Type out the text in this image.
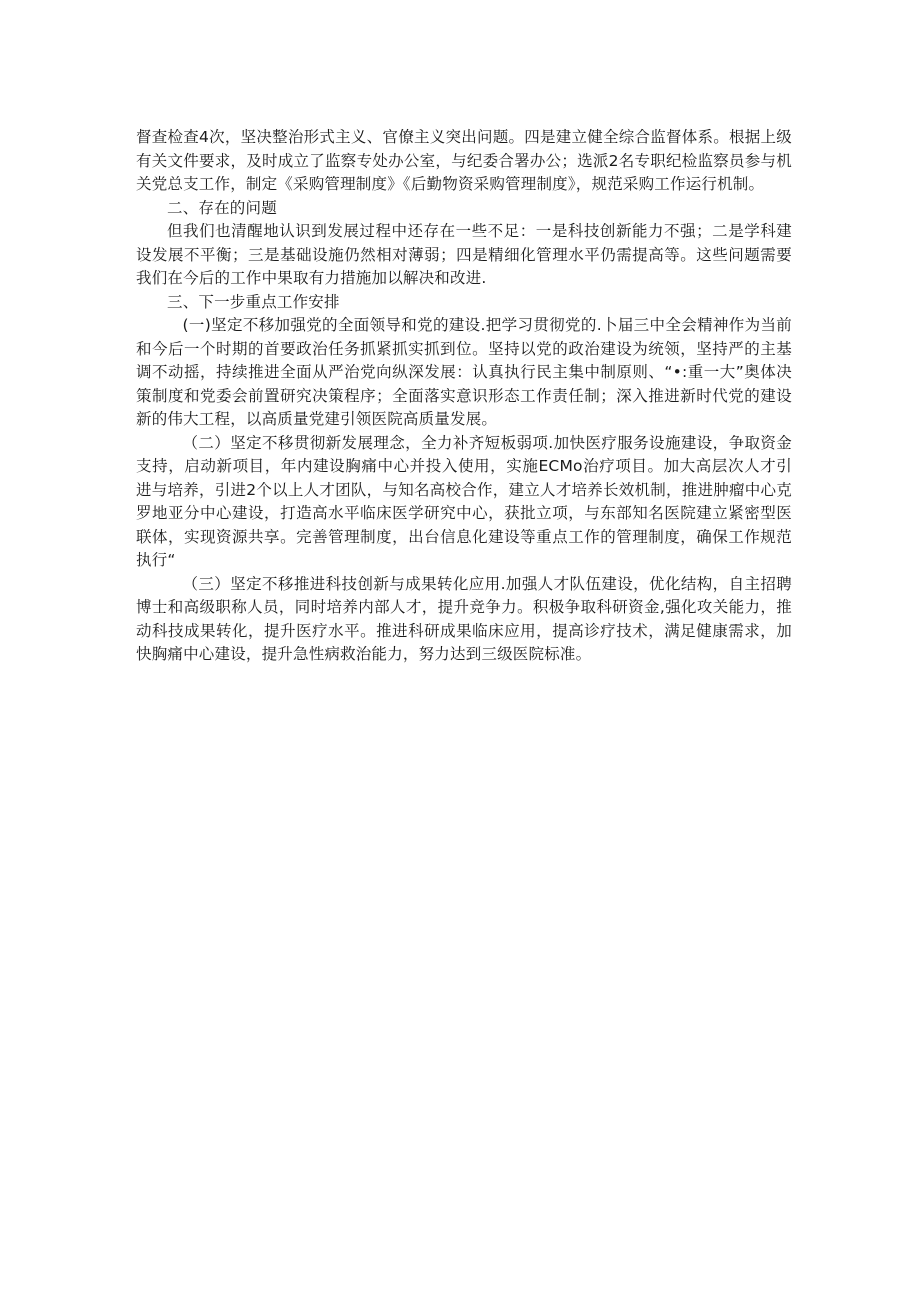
督查检查4次，坚决整治形式主义、官僚主义突出问题。四是建立健全综合监督体系。根据上级有关文件要求，及时成立了监察专处办公室，与纪委合署办公；选派2名专职纪检监察员参与机关党总支工作，制定《采购管理制度》《后勤物资采购管理制度》，规范采购工作运行机制。

二、存在的问题

但我们也清醒地认识到发展过程中还存在一些不足：一是科技创新能力不强；二是学科建设发展不平衡；三是基础设施仍然相对薄弱；四是精细化管理水平仍需提高等。这些问题需要我们在今后的工作中果取有力措施加以解决和改进.

三、下一步重点工作安排

(一)坚定不移加强党的全面领导和党的建设.把学习贯彻党的.卜届三中全会精神作为当前和今后一个时期的首要政治任务抓紧抓实抓到位。坚持以党的政治建设为统领，坚持严的主基调不动摇，持续推进全面从严治党向纵深发展：认真执行民主集中制原则、“•:重一大”奥体决策制度和党委会前置研究决策程序；全面落实意识形态工作责任制；深入推进新时代党的建设新的伟大工程，以高质量党建引领医院高质量发展。

（二）坚定不移贯彻新发展理念，全力补齐短板弱项.加快医疗服务设施建设，争取资金支持，启动新项目，年内建设胸痛中心并投入使用，实施ECMo治疗项目。加大高层次人才引进与培养，引进2个以上人才团队，与知名高校合作，建立人才培养长效机制，推进肿瘤中心克罗地亚分中心建设，打造高水平临床医学研究中心，获批立项，与东部知名医院建立紧密型医联体，实现资源共享。完善管理制度，出台信息化建设等重点工作的管理制度，确保工作规范执行“

（三）坚定不移推进科技创新与成果转化应用.加强人才队伍建设，优化结构，自主招聘博士和高级职称人员，同时培养内部人才，提升竞争力。积极争取科研资金,强化攻关能力，推动科技成果转化，提升医疗水平。推进科研成果临床应用，提高诊疗技术，满足健康需求，加快胸痛中心建设，提升急性病救治能力，努力达到三级医院标准。
